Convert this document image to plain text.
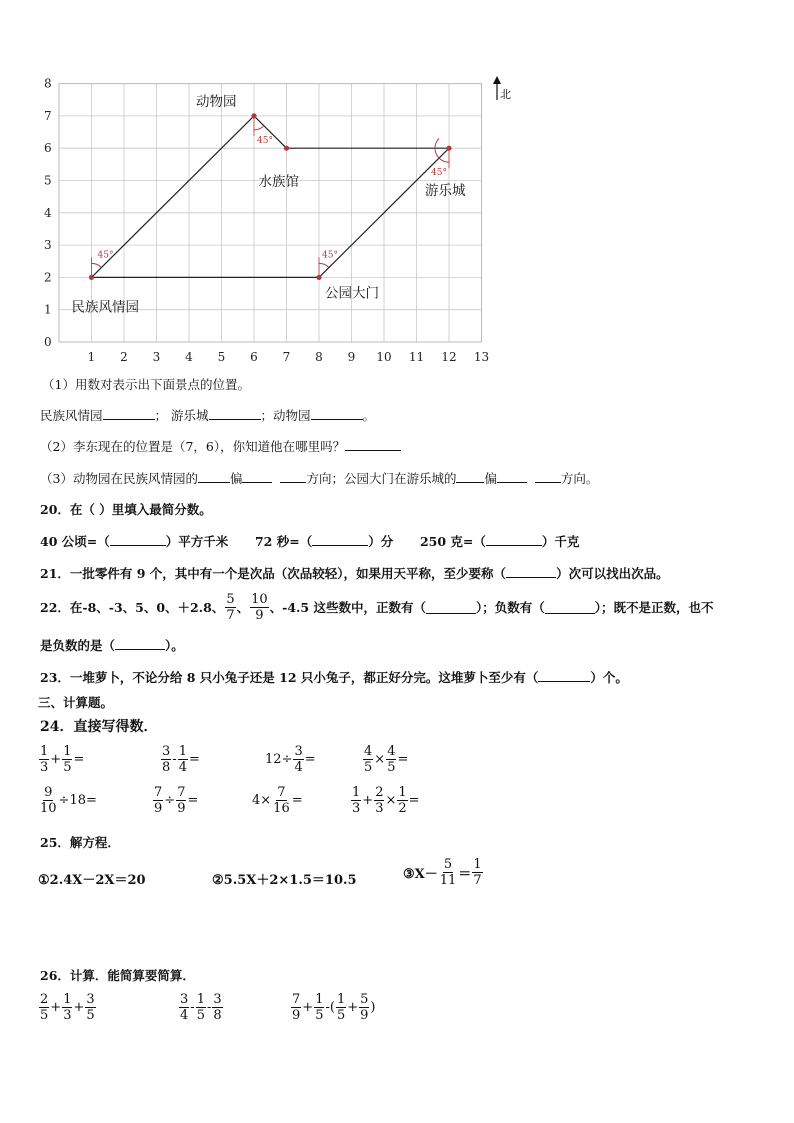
0
1
2
3
4
5
6
7
8
1 2 3 4 5 6 7 8 9 10 11 12 13
45°	45°
45°
45°
动物园
水族馆
游乐城
公园大门
民族风情园
北
（1）用数对表示出下面景点的位置。
民族风情园	； 游乐城	；动物园	。
（2）李东现在的位置是（7，6），你知道他在哪里吗？
（3）动物园在民族风情园的	偏	方向；公园大门在游乐城的 偏	方向。
20．在（ ）里填入最简分数。
40 公顷=（	）平方千米 72 秒=（	）分 250 克=（	）千克
21．一批零件有 9 个，其中有一个是次品（次品较轻），如果用天平称，至少要称（	）次可以找出次品。
22．在-8、-3、5、0、＋2.8、 $\frac{5}{7}$ 、 $\frac{10}{9}$ 、-4.5 这些数中，正数有（	）；负数有（	）；既不是正数，也不
是负数的是（	）。
23．一堆萝卜，不论分给 8 只小兔子还是 12 只小兔子，都正好分完。这堆萝卜至少有（	）个。
三、计算题。
24．直接写得数．
$\frac{1}{3} + \frac{1}{5}$ =	$\frac{3}{8} - \frac{1}{4}$ =	$12\div \frac{3}{4}$ =	$\frac{4}{5} \times \frac{4}{5}$ =
$\frac{9}{10} \div 18=$	$\frac{7}{9} \div \frac{7}{9}$ =	$4\times \frac{7}{16}$ =	$\frac{1}{3} + \frac{2}{3} \times \frac{1}{2}$ =
25．解方程．
①2.4X－2X＝20	②5.5X＋2×1.5＝10.5	③X－ $\frac{5}{11} = \frac{1}{7}$
26．计算．能简算要简算．
$\frac{2}{5} + \frac{1}{3} + \frac{3}{5}$	$\frac{3}{4} - \frac{1}{5} - \frac{3}{8}$	$\frac{7}{9} + \frac{1}{5}$ -( $\frac{1}{5} + \frac{5}{9}$ )
